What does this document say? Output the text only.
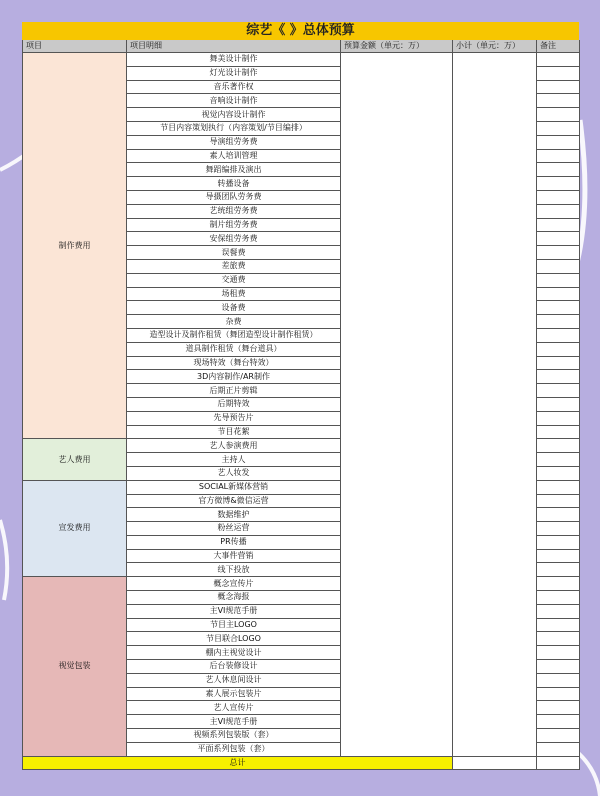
综艺《 》总体预算
项目	项目明细	预算金额（单元：万）	小计（单元：万）	备注
制作费用	舞美设计制作			
	灯光设计制作			
	音乐著作权			
	音响设计制作			
	视觉内容设计制作			
	节目内容策划执行（内容策划/节目编排）			
	导演组劳务费			
	素人培训管理			
	舞蹈编排及演出			
	转播设备			
	导摄团队劳务费			
	艺统组劳务费			
	制片组劳务费			
	安保组劳务费			
	误餐费			
	差旅费			
	交通费			
	场租费			
	设备费			
	杂费			
	造型设计及制作租赁（舞团造型设计制作租赁）			
	道具制作租赁（舞台道具）			
	现场特效（舞台特效）			
	3D内容制作/AR制作			
	后期正片剪辑			
	后期特效			
	先导预告片			
	节目花絮			
艺人费用	艺人参演费用			
	主持人			
	艺人妆发			
宣发费用	SOCIAL新媒体营销			
	官方微博&微信运营			
	数据维护			
	粉丝运营			
	PR传播			
	大事件营销			
	线下投放			
视觉包装	概念宣传片			
	概念海报			
	主VI规范手册			
	节目主LOGO			
	节目联合LOGO			
	棚内主视觉设计			
	后台装修设计			
	艺人休息间设计			
	素人展示包装片			
	艺人宣传片			
	主VI规范手册			
	视频系列包装版（套）			
	平面系列包装（套）			
总计				
